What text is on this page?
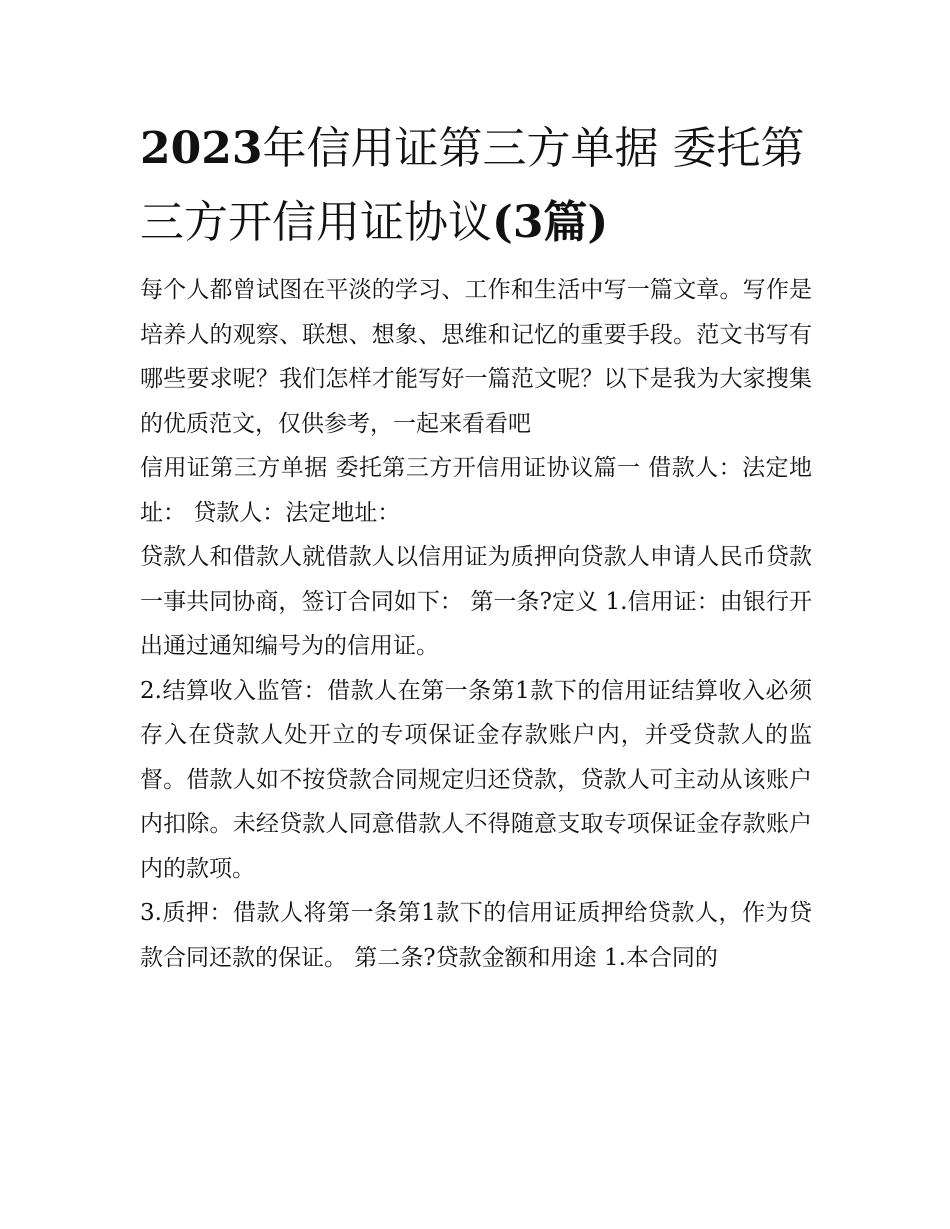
2023年信用证第三方单据 委托第三方开信用证协议(3篇)

每个人都曾试图在平淡的学习、工作和生活中写一篇文章。写作是培养人的观察、联想、想象、思维和记忆的重要手段。范文书写有哪些要求呢？我们怎样才能写好一篇范文呢？以下是我为大家搜集的优质范文，仅供参考，一起来看看吧

信用证第三方单据 委托第三方开信用证协议篇一 借款人：法定地址： 贷款人：法定地址：

贷款人和借款人就借款人以信用证为质押向贷款人申请人民币贷款一事共同协商，签订合同如下： 第一条?定义 1.信用证：由银行开出通过通知编号为的信用证。

2.结算收入监管：借款人在第一条第1款下的信用证结算收入必须存入在贷款人处开立的专项保证金存款账户内，并受贷款人的监督。借款人如不按贷款合同规定归还贷款，贷款人可主动从该账户内扣除。未经贷款人同意借款人不得随意支取专项保证金存款账户内的款项。

3.质押：借款人将第一条第1款下的信用证质押给贷款人，作为贷款合同还款的保证。 第二条?贷款金额和用途 1.本合同的
